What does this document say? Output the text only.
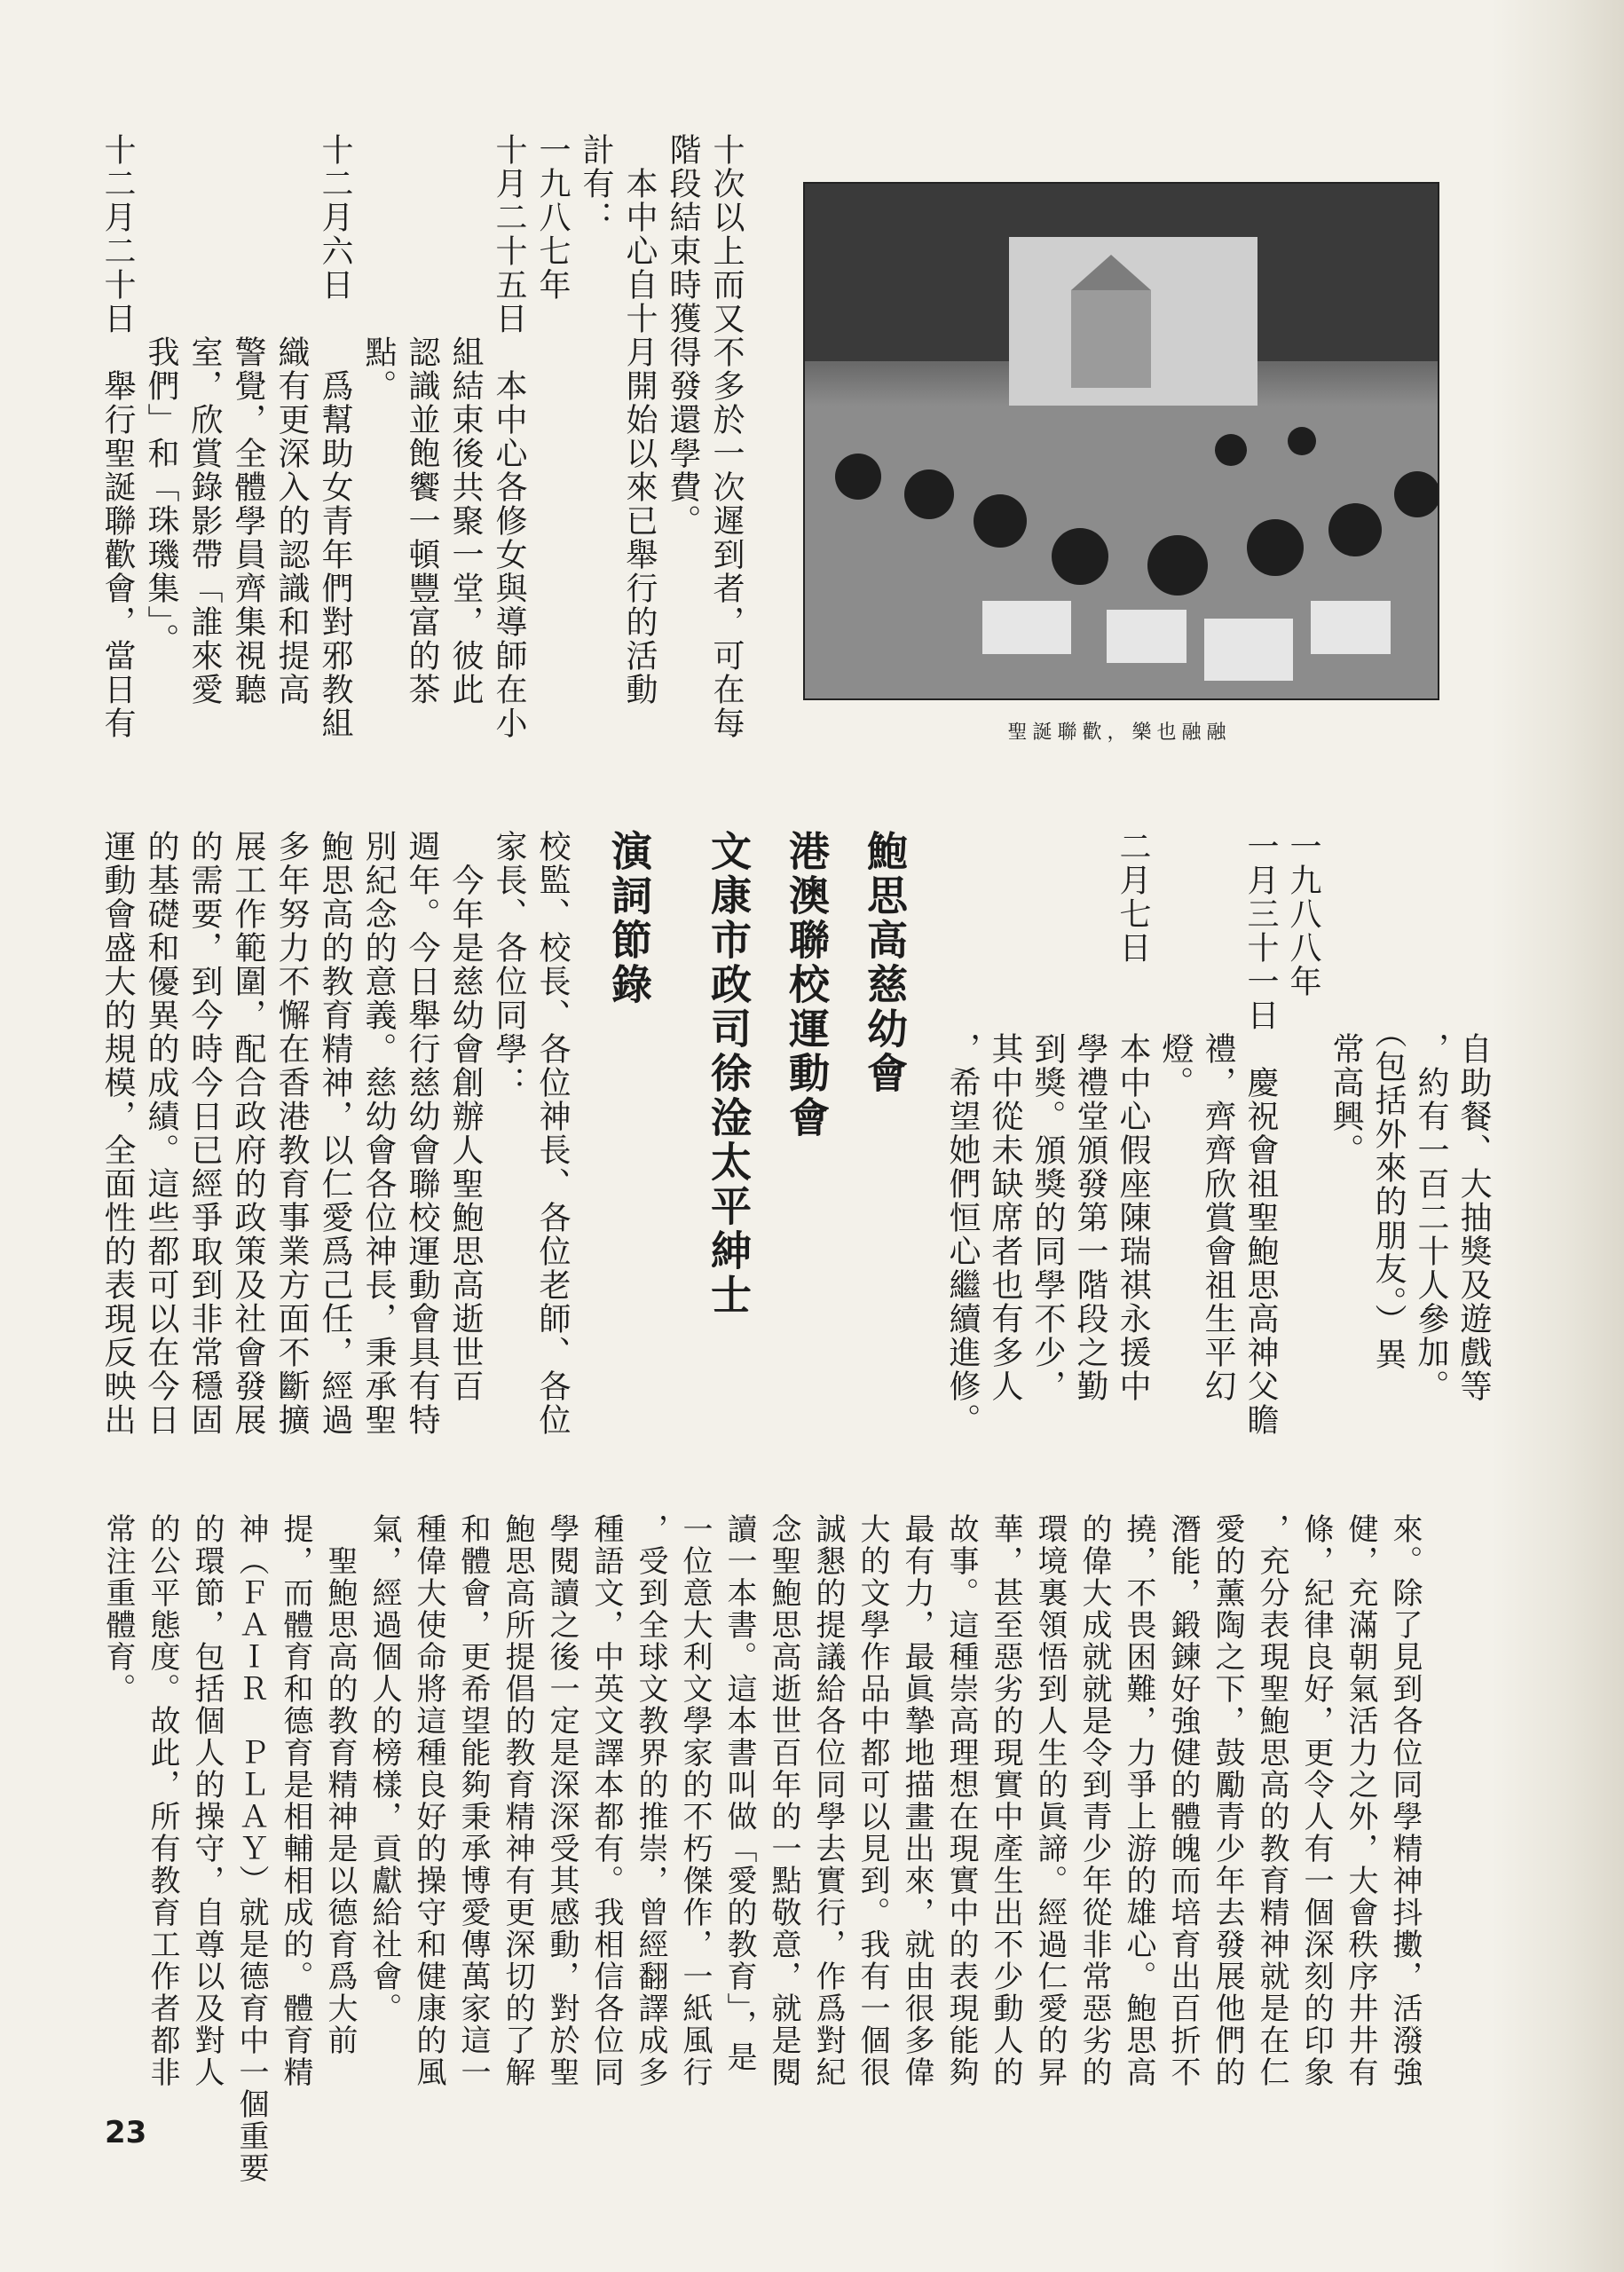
十次以上而又不多於一次遲到者，可在每
階段結束時獲得發還學費。
　本中心自十月開始以來已舉行的活動
計有：
一九八七年
十月二十五日　本中心各修女與導師在小
　　　　　　組結束後共聚一堂，彼此
　　　　　　認識並飽饗一頓豐富的茶
　　　　　　點。
十二月六日　　爲幫助女青年們對邪教組
　　　　　　織有更深入的認識和提高
　　　　　　警覺，全體學員齊集視聽
　　　　　　室，欣賞錄影帶「誰來愛
　　　　　　我們」和「珠璣集」。
十二月二十日　舉行聖誕聯歡會，當日有	聖誕聯歡，樂也融融

　　　　　　自助餐、大抽獎及遊戲等
　　　　　　，約有一百二十人參加。
　　　　　　（包括外來的朋友。）異
　　　　　　常高興。
一九八八年
一月三十一日　慶祝會祖聖鮑思高神父瞻
　　　　　　禮，齊齊欣賞會祖生平幻
　　　　　　燈。
二月七日　　本中心假座陳瑞祺永援中
　　　　　　學禮堂頒發第一階段之勤
　　　　　　到獎。頒獎的同學不少，
　　　　　　其中從未缺席者也有多人
　　　　　　，希望她們恒心繼續進修。

鮑思高慈幼會
港澳聯校運動會
文康市政司徐淦太平紳士
演詞節錄

校監、校長、各位神長、各位老師、各位
家長、各位同學：
　今年是慈幼會創辦人聖鮑思高逝世百
週年。今日舉行慈幼會聯校運動會具有特
別紀念的意義。慈幼會各位神長，秉承聖
鮑思高的教育精神，以仁愛爲己任，經過
多年努力不懈在香港教育事業方面不斷擴
展工作範圍，配合政府的政策及社會發展
的需要，到今時今日已經爭取到非常穩固
的基礎和優異的成績。這些都可以在今日
運動會盛大的規模，全面性的表現反映出

來。除了見到各位同學精神抖擻，活潑強
健，充滿朝氣活力之外，大會秩序井井有
條，紀律良好，更令人有一個深刻的印象
，充分表現聖鮑思高的教育精神就是在仁
愛的薰陶之下，鼓勵青少年去發展他們的
潛能，鍛鍊好強健的體魄而培育出百折不
撓，不畏困難，力爭上游的雄心。鮑思高
的偉大成就就是令到青少年從非常惡劣的
環境裏領悟到人生的眞諦。經過仁愛的昇
華，甚至惡劣的現實中產生出不少動人的
故事。這種崇高理想在現實中的表現能夠
最有力，最眞摯地描畫出來，就由很多偉
大的文學作品中都可以見到。我有一個很
誠懇的提議給各位同學去實行，作爲對紀
念聖鮑思高逝世百年的一點敬意，就是閱
讀一本書。這本書叫做「愛的教育」，是
一位意大利文學家的不朽傑作，一紙風行
，受到全球文教界的推崇，曾經翻譯成多
種語文，中英文譯本都有。我相信各位同
學閱讀之後一定是深深受其感動，對於聖
鮑思高所提倡的教育精神有更深切的了解
和體會，更希望能夠秉承博愛傳萬家這一
種偉大使命將這種良好的操守和健康的風
氣，經過個人的榜樣，貢獻給社會。
　聖鮑思高的教育精神是以德育爲大前
提，而體育和德育是相輔相成的。體育精
神（ＦＡＩＲ　ＰＬＡＹ）就是德育中一個重要
的環節，包括個人的操守，自尊以及對人
的公平態度。故此，所有教育工作者都非
常注重體育。

23
